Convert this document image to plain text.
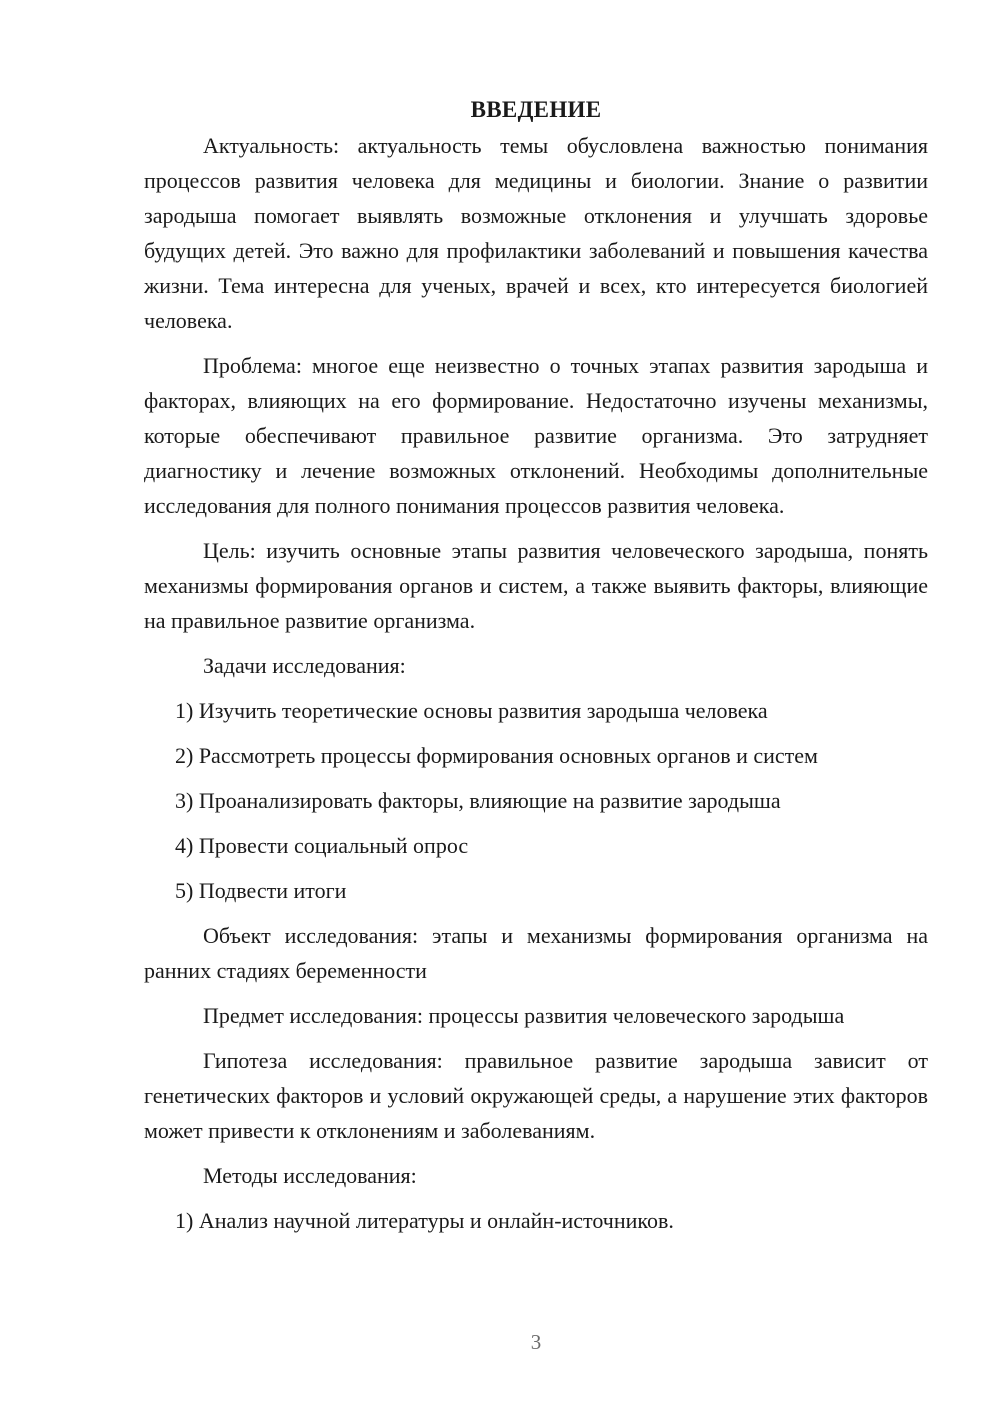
ВВЕДЕНИЕ

Актуальность: актуальность темы обусловлена важностью понимания процессов развития человека для медицины и биологии. Знание о развитии зародыша помогает выявлять возможные отклонения и улучшать здоровье будущих детей. Это важно для профилактики заболеваний и повышения качества жизни. Тема интересна для ученых, врачей и всех, кто интересуется биологией человека.

Проблема: многое еще неизвестно о точных этапах развития зародыша и факторах, влияющих на его формирование. Недостаточно изучены механизмы, которые обеспечивают правильное развитие организма. Это затрудняет диагностику и лечение возможных отклонений. Необходимы дополнительные исследования для полного понимания процессов развития человека.

Цель: изучить основные этапы развития человеческого зародыша, понять механизмы формирования органов и систем, а также выявить факторы, влияющие на правильное развитие организма.

Задачи исследования:

1) Изучить теоретические основы развития зародыша человека
2) Рассмотреть процессы формирования основных органов и систем
3) Проанализировать факторы, влияющие на развитие зародыша
4) Провести социальный опрос
5) Подвести итоги

Объект исследования: этапы и механизмы формирования организма на ранних стадиях беременности

Предмет исследования: процессы развития человеческого зародыша

Гипотеза исследования: правильное развитие зародыша зависит от генетических факторов и условий окружающей среды, а нарушение этих факторов может привести к отклонениям и заболеваниям.

Методы исследования:

1) Анализ научной литературы и онлайн-источников.
3
